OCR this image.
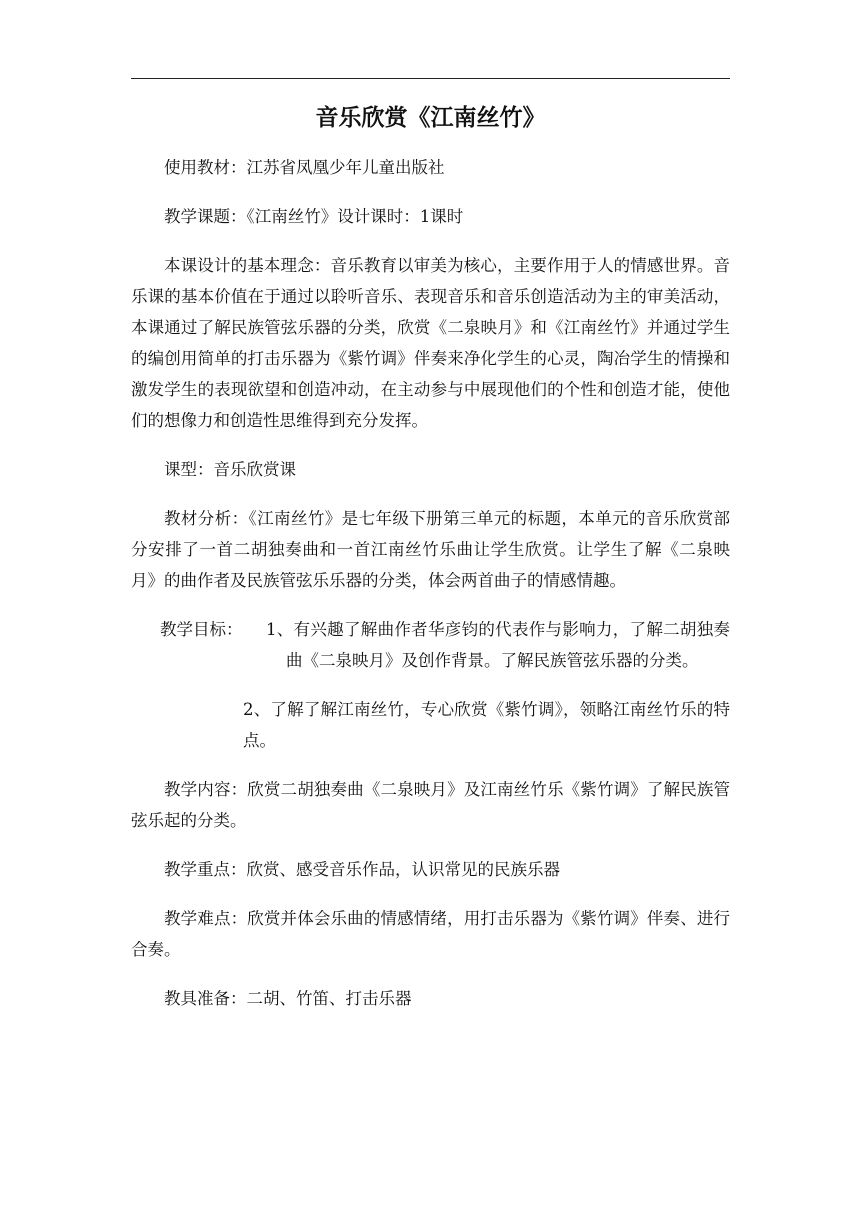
音乐欣赏《江南丝竹》

使用教材：江苏省凤凰少年儿童出版社

教学课题：《江南丝竹》设计课时：1课时

本课设计的基本理念：音乐教育以审美为核心，主要作用于人的情感世界。音乐课的基本价值在于通过以聆听音乐、表现音乐和音乐创造活动为主的审美活动， 本课通过了解民族管弦乐器的分类，欣赏《二泉映月》和《江南丝竹》并通过学生的编创用简单的打击乐器为《紫竹调》伴奏来净化学生的心灵，陶冶学生的情操和激发学生的表现欲望和创造冲动，在主动参与中展现他们的个性和创造才能，使他们的想像力和创造性思维得到充分发挥。

课型：音乐欣赏课

教材分析：《江南丝竹》是七年级下册第三单元的标题，本单元的音乐欣赏部分安排了一首二胡独奏曲和一首江南丝竹乐曲让学生欣赏。让学生了解《二泉映月》的曲作者及民族管弦乐乐器的分类，体会两首曲子的情感情趣。

教学目标： 1、有兴趣了解曲作者华彦钧的代表作与影响力，了解二胡独奏曲《二泉映月》及创作背景。了解民族管弦乐器的分类。

2、了解了解江南丝竹，专心欣赏《紫竹调》，领略江南丝竹乐的特点。

教学内容：欣赏二胡独奏曲《二泉映月》及江南丝竹乐《紫竹调》了解民族管弦乐起的分类。

教学重点：欣赏、感受音乐作品，认识常见的民族乐器

教学难点：欣赏并体会乐曲的情感情绪，用打击乐器为《紫竹调》伴奏、进行合奏。

教具准备：二胡、竹笛、打击乐器
